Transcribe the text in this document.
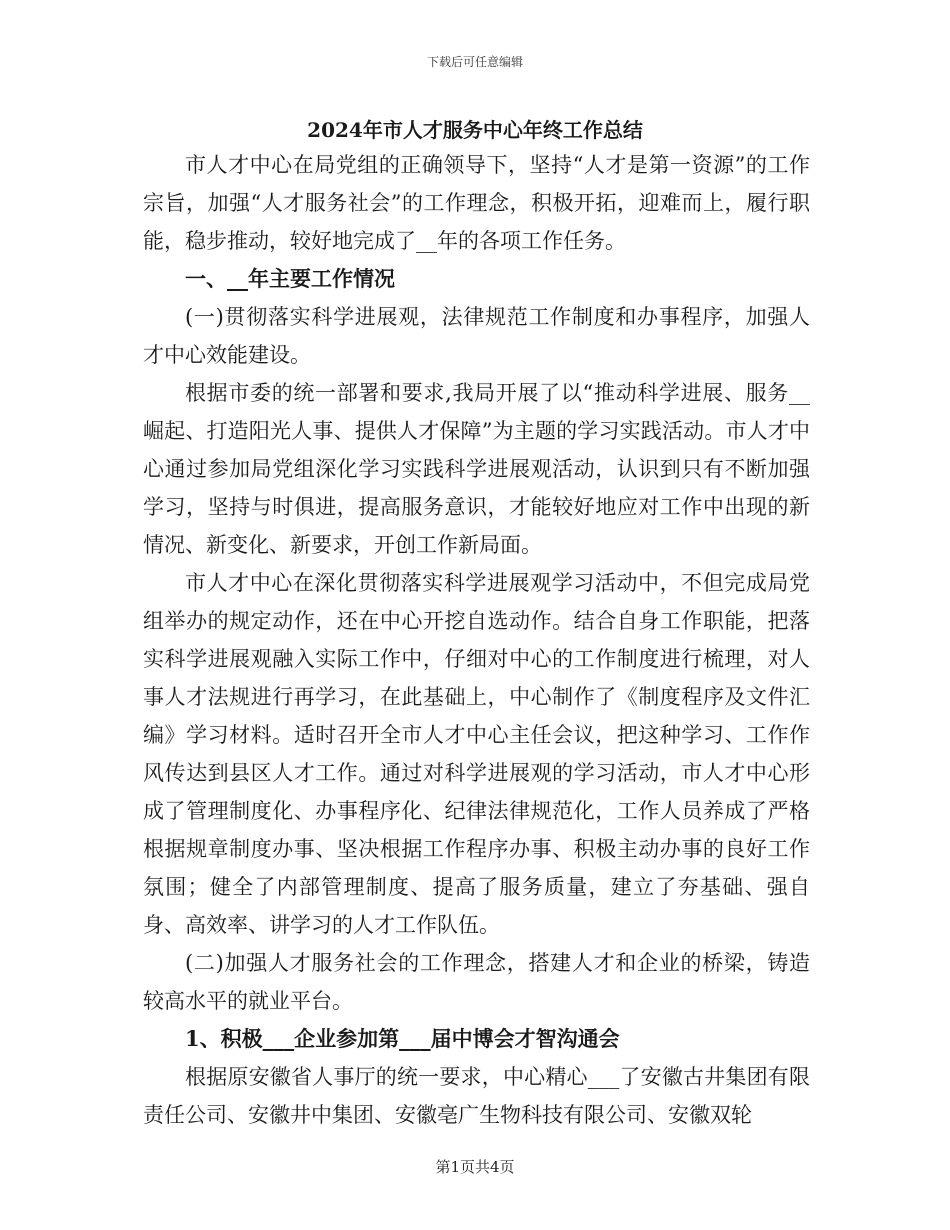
下载后可任意编辑
2024年市人才服务中心年终工作总结

市人才中心在局党组的正确领导下，坚持“人才是第一资源”的工作宗旨，加强“人才服务社会”的工作理念，积极开拓，迎难而上，履行职能，稳步推动，较好地完成了__年的各项工作任务。

一、__年主要工作情况

(一)贯彻落实科学进展观，法律规范工作制度和办事程序，加强人才中心效能建设。

根据市委的统一部署和要求,我局开展了以“推动科学进展、服务__崛起、打造阳光人事、提供人才保障”为主题的学习实践活动。市人才中心通过参加局党组深化学习实践科学进展观活动，认识到只有不断加强学习，坚持与时俱进，提高服务意识，才能较好地应对工作中出现的新情况、新变化、新要求，开创工作新局面。

市人才中心在深化贯彻落实科学进展观学习活动中，不但完成局党组举办的规定动作，还在中心开挖自选动作。结合自身工作职能，把落实科学进展观融入实际工作中，仔细对中心的工作制度进行梳理，对人事人才法规进行再学习，在此基础上，中心制作了《制度程序及文件汇编》学习材料。适时召开全市人才中心主任会议，把这种学习、工作作风传达到县区人才工作。通过对科学进展观的学习活动，市人才中心形成了管理制度化、办事程序化、纪律法律规范化，工作人员养成了严格根据规章制度办事、坚决根据工作程序办事、积极主动办事的良好工作氛围；健全了内部管理制度、提高了服务质量，建立了夯基础、强自身、高效率、讲学习的人才工作队伍。

(二)加强人才服务社会的工作理念，搭建人才和企业的桥梁，铸造较高水平的就业平台。

1、积极___企业参加第___届中博会才智沟通会

根据原安徽省人事厅的统一要求，中心精心___了安徽古井集团有限责任公司、安徽井中集团、安徽亳广生物科技有限公司、安徽双轮

第1页共4页
